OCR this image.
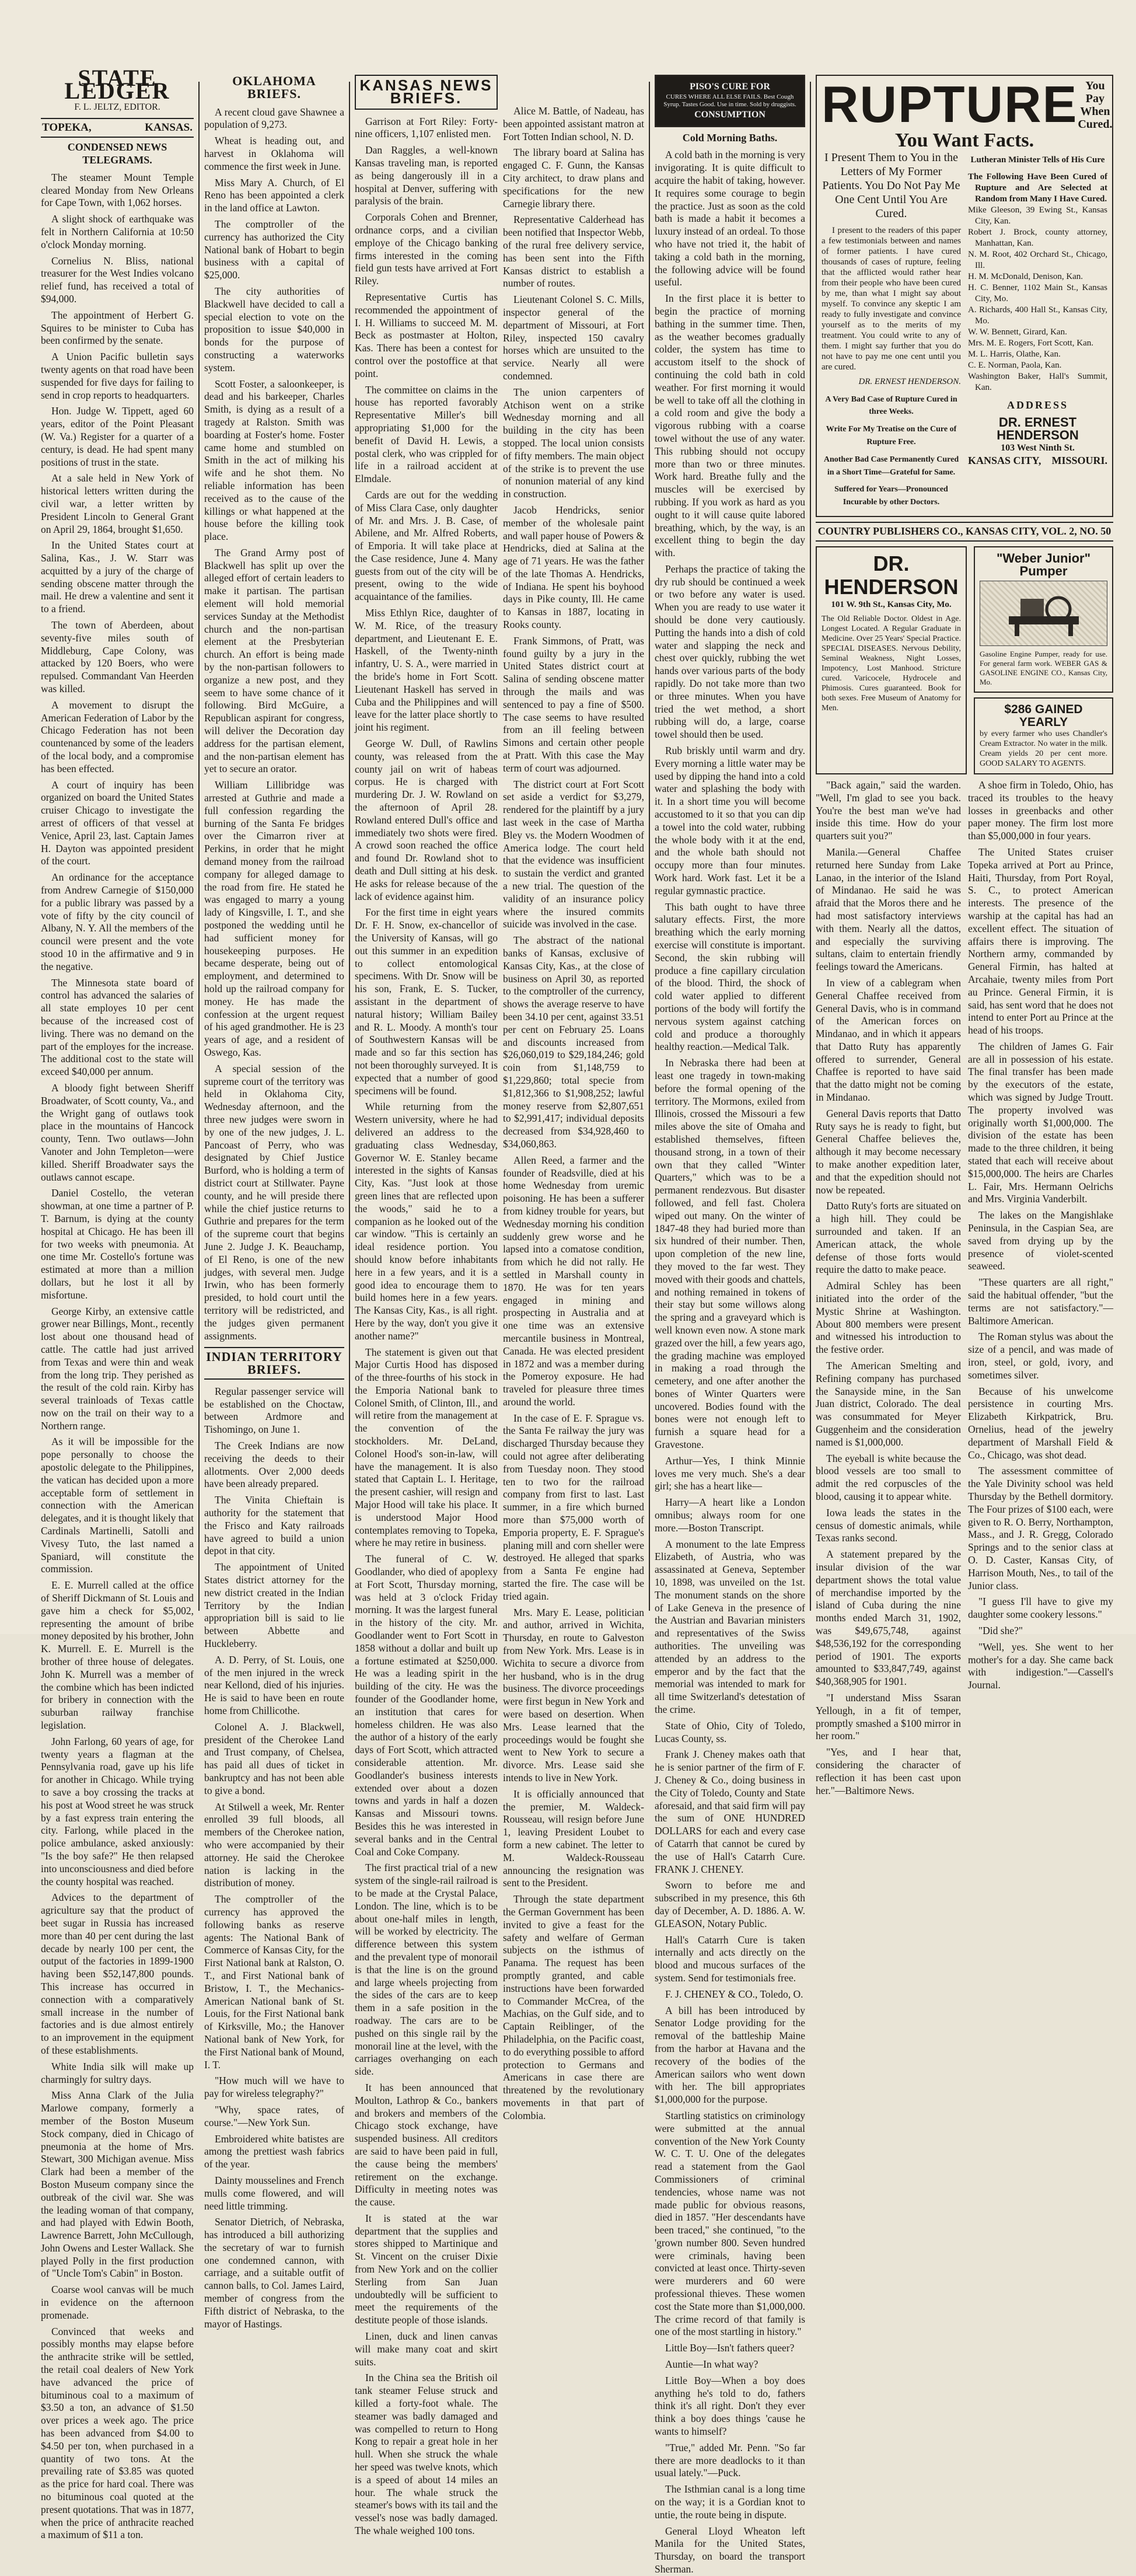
STATE LEDGER
F. L. JELTZ, EDITOR.
TOPEKA,	KANSAS.
CONDENSED NEWS TELEGRAMS.

The steamer Mount Temple cleared Monday from New Orleans for Cape Town, with 1,062 horses.

A slight shock of earthquake was felt in Northern California at 10:50 o'clock Monday morning.

Cornelius N. Bliss, national treasurer for the West Indies volcano relief fund, has received a total of $94,000.

The appointment of Herbert G. Squires to be minister to Cuba has been confirmed by the senate.

A Union Pacific bulletin says twenty agents on that road have been suspended for five days for failing to send in crop reports to headquarters.

Hon. Judge W. Tippett, aged 60 years, editor of the Point Pleasant (W. Va.) Register for a quarter of a century, is dead. He had spent many positions of trust in the state.

At a sale held in New York of historical letters written during the civil war, a letter written by President Lincoln to General Grant on April 29, 1864, brought $1,650.

In the United States court at Salina, Kas., J. W. Starr was acquitted by a jury of the charge of sending obscene matter through the mail. He drew a valentine and sent it to a friend.

The town of Aberdeen, about seventy-five miles south of Middleburg, Cape Colony, was attacked by 120 Boers, who were repulsed. Commandant Van Heerden was killed.

A movement to disrupt the American Federation of Labor by the Chicago Federation has not been countenanced by some of the leaders of the local body, and a compromise has been effected.

A court of inquiry has been organized on board the United States cruiser Chicago to investigate the arrest of officers of that vessel at Venice, April 23, last. Captain James H. Dayton was appointed president of the court.

An ordinance for the acceptance from Andrew Carnegie of $150,000 for a public library was passed by a vote of fifty by the city council of Albany, N. Y. All the members of the council were present and the vote stood 10 in the affirmative and 9 in the negative.

The Minnesota state board of control has advanced the salaries of all state employes 10 per cent because of the increased cost of living. There was no demand on the part of the employes for the increase. The additional cost to the state will exceed $40,000 per annum.

A bloody fight between Sheriff Broadwater, of Scott county, Va., and the Wright gang of outlaws took place in the mountains of Hancock county, Tenn. Two outlaws—John Vanoter and John Templeton—were killed. Sheriff Broadwater says the outlaws cannot escape.

Daniel Costello, the veteran showman, at one time a partner of P. T. Barnum, is dying at the county hospital at Chicago. He has been ill for two weeks with pneumonia. At one time Mr. Costello's fortune was estimated at more than a million dollars, but he lost it all by misfortune.

George Kirby, an extensive cattle grower near Billings, Mont., recently lost about one thousand head of cattle. The cattle had just arrived from Texas and were thin and weak from the long trip. They perished as the result of the cold rain. Kirby has several trainloads of Texas cattle now on the trail on their way to a Northern range.

As it will be impossible for the pope personally to choose the apostolic delegate to the Philippines, the vatican has decided upon a more acceptable form of settlement in connection with the American delegates, and it is thought likely that Cardinals Martinelli, Satolli and Vivesy Tuto, the last named a Spaniard, will constitute the commission.

E. E. Murrell called at the office of Sheriff Dickmann of St. Louis and gave him a check for $5,002, representing the amount of bribe money deposited by his brother, John K. Murrell. E. E. Murrell is the brother of three house of delegates. John K. Murrell was a member of the combine which has been indicted for bribery in connection with the suburban railway franchise legislation.

John Farlong, 60 years of age, for twenty years a flagman at the Pennsylvania road, gave up his life for another in Chicago. While trying to save a boy crossing the tracks at his post at Wood street he was struck by a fast express train entering the city. Farlong, while placed in the police ambulance, asked anxiously: "Is the boy safe?" He then relapsed into unconsciousness and died before the county hospital was reached.

Advices to the department of agriculture say that the product of beet sugar in Russia has increased more than 40 per cent during the last decade by nearly 100 per cent, the output of the factories in 1899-1900 having been $52,147,800 pounds. This increase has occurred in connection with a comparatively small increase in the number of factories and is due almost entirely to an improvement in the equipment of these establishments.

White India silk will make up charmingly for sultry days.

Miss Anna Clark of the Julia Marlowe company, formerly a member of the Boston Museum Stock company, died in Chicago of pneumonia at the home of Mrs. Stewart, 300 Michigan avenue. Miss Clark had been a member of the Boston Museum company since the outbreak of the civil war. She was the leading woman of that company, and had played with Edwin Booth, Lawrence Barrett, John McCullough, John Owens and Lester Wallack. She played Polly in the first production of "Uncle Tom's Cabin" in Boston.

Coarse wool canvas will be much in evidence on the afternoon promenade.

Convinced that weeks and possibly months may elapse before the anthracite strike will be settled, the retail coal dealers of New York have advanced the price of bituminous coal to a maximum of $3.50 a ton, an advance of $1.50 over prices a week ago. The price has been advanced from $4.00 to $4.50 per ton, when purchased in a quantity of two tons. At the prevailing rate of $3.85 was quoted as the price for hard coal. There was no bituminous coal quoted at the present quotations. That was in 1877, when the price of anthracite reached a maximum of $11 a ton.

OKLAHOMA BRIEFS.

A recent cloud gave Shawnee a population of 9,273.

Wheat is heading out, and harvest in Oklahoma will commence the first week in June.

Miss Mary A. Church, of El Reno has been appointed a clerk in the land office at Lawton.

The comptroller of the currency has authorized the City National bank of Hobart to begin business with a capital of $25,000.

The city authorities of Blackwell have decided to call a special election to vote on the proposition to issue $40,000 in bonds for the purpose of constructing a waterworks system.

Scott Foster, a saloonkeeper, is dead and his barkeeper, Charles Smith, is dying as a result of a tragedy at Ralston. Smith was boarding at Foster's home. Foster came home and stumbled on Smith in the act of milking his wife and he shot them. No reliable information has been received as to the cause of the killings or what happened at the house before the killing took place.

The Grand Army post of Blackwell has split up over the alleged effort of certain leaders to make it partisan. The partisan element will hold memorial services Sunday at the Methodist church and the non-partisan element at the Presbyterian church. An effort is being made by the non-partisan followers to organize a new post, and they seem to have some chance of it following. Bird McGuire, a Republican aspirant for congress, will deliver the Decoration day address for the partisan element, and the non-partisan element has yet to secure an orator.

William Lillibridge was arrested at Guthrie and made a full confession regarding the burning of the Santa Fe bridges over the Cimarron river at Perkins, in order that he might demand money from the railroad company for alleged damage to the road from fire. He stated he was engaged to marry a young lady of Kingsville, I. T., and she postponed the wedding until he had sufficient money for housekeeping purposes. He became desperate, being out of employment, and determined to hold up the railroad company for money. He has made the confession at the urgent request of his aged grandmother. He is 23 years of age, and a resident of Oswego, Kas.

A special session of the supreme court of the territory was held in Oklahoma City, Wednesday afternoon, and the three new judges were sworn in by one of the new judges, J. L. Pancoast of Perry, who was designated by Chief Justice Burford, who is holding a term of district court at Stillwater. Payne county, and he will preside there while the chief justice returns to Guthrie and prepares for the term of the supreme court that begins June 2. Judge J. K. Beauchamp, of El Reno, is one of the new judges, with several men. Judge Irwin, who has been formerly presided, to hold court until the territory will be redistricted, and the judges given permanent assignments.

INDIAN TERRITORY BRIEFS.

Regular passenger service will be established on the Choctaw, between Ardmore and Tishomingo, on June 1.

The Creek Indians are now receiving the deeds to their allotments. Over 2,000 deeds have been already prepared.

The Vinita Chieftain is authority for the statement that the Frisco and Katy railroads have agreed to build a union depot in that city.

The appointment of United States district attorney for the new district created in the Indian Territory by the Indian appropriation bill is said to lie between Abbette and Huckleberry.

A. D. Perry, of St. Louis, one of the men injured in the wreck near Kellond, died of his injuries. He is said to have been en route home from Chillicothe.

Colonel A. J. Blackwell, president of the Cherokee Land and Trust company, of Chelsea, has paid all dues of ticket in bankruptcy and has not been able to give a bond.

At Stilwell a week, Mr. Renter enrolled 39 full bloods, all members of the Cherokee nation, who were accompanied by their attorney. He said the Cherokee nation is lacking in the distribution of money.

The comptroller of the currency has approved the following banks as reserve agents: The National Bank of Commerce of Kansas City, for the First National bank at Ralston, O. T., and First National bank of Bristow, I. T., the Mechanics-American National bank of St. Louis, for the First National bank of Kirksville, Mo.; the Hanover National bank of New York, for the First National bank of Mound, I. T.

"How much will we have to pay for wireless telegraphy?"

"Why, space rates, of course."—New York Sun.

Embroidered white batistes are among the prettiest wash fabrics of the year.

Dainty mousselines and French mulls come flowered, and will need little trimming.

Senator Dietrich, of Nebraska, has introduced a bill authorizing the secretary of war to furnish one condemned cannon, with carriage, and a suitable outfit of cannon balls, to Col. James Laird, member of congress from the Fifth district of Nebraska, to the mayor of Hastings.

KANSAS NEWS BRIEFS.

Garrison at Fort Riley: Forty-nine officers, 1,107 enlisted men.

Dan Raggles, a well-known Kansas traveling man, is reported as being dangerously ill in a hospital at Denver, suffering with paralysis of the brain.

Corporals Cohen and Brenner, ordnance corps, and a civilian employe of the Chicago banking firms interested in the coming field gun tests have arrived at Fort Riley.

Representative Curtis has recommended the appointment of I. H. Williams to succeed M. M. Beck as postmaster at Holton, Kas. There has been a contest for control over the postoffice at that point.

The committee on claims in the house has reported favorably Representative Miller's bill appropriating $1,000 for the benefit of David H. Lewis, a postal clerk, who was crippled for life in a railroad accident at Elmdale.

Cards are out for the wedding of Miss Clara Case, only daughter of Mr. and Mrs. J. B. Case, of Abilene, and Mr. Alfred Roberts, of Emporia. It will take place at the Case residence, June 4. Many guests from out of the city will be present, owing to the wide acquaintance of the families.

Miss Ethlyn Rice, daughter of W. M. Rice, of the treasury department, and Lieutenant E. E. Haskell, of the Twenty-ninth infantry, U. S. A., were married in the bride's home in Fort Scott. Lieutenant Haskell has served in Cuba and the Philippines and will leave for the latter place shortly to joint his regiment.

George W. Dull, of Rawlins county, was released from the county jail on writ of habeas corpus. He is charged with murdering Dr. J. W. Rowland on the afternoon of April 28. Rowland entered Dull's office and immediately two shots were fired. A crowd soon reached the office and found Dr. Rowland shot to death and Dull sitting at his desk. He asks for release because of the lack of evidence against him.

For the first time in eight years Dr. F. H. Snow, ex-chancellor of the University of Kansas, will go out this summer in an expedition to collect entomological specimens. With Dr. Snow will be his son, Frank, E. S. Tucker, assistant in the department of natural history; William Bailey and R. L. Moody. A month's tour of Southwestern Kansas will be made and so far this section has not been thoroughly surveyed. It is expected that a number of good specimens will be found.

While returning from the Western university, where he had delivered an address to the graduating class Wednesday, Governor W. E. Stanley became interested in the sights of Kansas City, Kas. "Just look at those green lines that are reflected upon the woods," said he to a companion as he looked out of the car window. "This is certainly an ideal residence portion. You should know before inhabitants here in a few years, and it is a good idea to encourage them to build homes here in a few years. The Kansas City, Kas., is all right. Here by the way, don't you give it another name?"

The statement is given out that Major Curtis Hood has disposed of the three-fourths of his stock in the Emporia National bank to Colonel Smith, of Clinton, Ill., and will retire from the management at the convention of the stockholders. Mr. DeLand, Colonel Hood's son-in-law, will have the management. It is also stated that Captain L. I. Heritage, the present cashier, will resign and Major Hood will take his place. It is understood Major Hood contemplates removing to Topeka, where he may retire in business.

The funeral of C. W. Goodlander, who died of apoplexy at Fort Scott, Thursday morning, was held at 3 o'clock Friday morning. It was the largest funeral in the history of the city. Mr. Goodlander went to Fort Scott in 1858 without a dollar and built up a fortune estimated at $250,000. He was a leading spirit in the building of the city. He was the founder of the Goodlander home, an institution that cares for homeless children. He was also the author of a history of the early days of Fort Scott, which attracted considerable attention. Mr. Goodlander's business interests extended over about a dozen towns and yards in half a dozen Kansas and Missouri towns. Besides this he was interested in several banks and in the Central Coal and Coke Company.

The first practical trial of a new system of the single-rail railroad is to be made at the Crystal Palace, London. The line, which is to be about one-half miles in length, will be worked by electricity. The difference between this system and the prevalent type of monorail is that the line is on the ground and large wheels projecting from the sides of the cars are to keep them in a safe position in the roadway. The cars are to be pushed on this single rail by the monorail line at the level, with the carriages overhanging on each side.

It has been announced that Moulton, Lathrop & Co., bankers and brokers and members of the Chicago stock exchange, have suspended business. All creditors are said to have been paid in full, the cause being the members' retirement on the exchange. Difficulty in meeting notes was the cause.

It is stated at the war department that the supplies and stores shipped to Martinique and St. Vincent on the cruiser Dixie from New York and on the collier Sterling from San Juan undoubtedly will be sufficient to meet the requirements of the destitute people of those islands.

Linen, duck and linen canvas will make many coat and skirt suits.

In the China sea the British oil tank steamer Feluse struck and killed a forty-foot whale. The steamer was badly damaged and was compelled to return to Hong Kong to repair a great hole in her hull. When she struck the whale her speed was twelve knots, which is a speed of about 14 miles an hour. The whale struck the steamer's bows with its tail and the vessel's nose was badly damaged. The whale weighed 100 tons.

Alice M. Battle, of Nadeau, has been appointed assistant matron at Fort Totten Indian school, N. D.

The library board at Salina has engaged C. F. Gunn, the Kansas City architect, to draw plans and specifications for the new Carnegie library there.

Representative Calderhead has been notified that Inspector Webb, of the rural free delivery service, has been sent into the Fifth Kansas district to establish a number of routes.

Lieutenant Colonel S. C. Mills, inspector general of the department of Missouri, at Fort Riley, inspected 150 cavalry horses which are unsuited to the service. Nearly all were condemned.

The union carpenters of Atchison went on a strike Wednesday morning and all building in the city has been stopped. The local union consists of fifty members. The main object of the strike is to prevent the use of nonunion material of any kind in construction.

Jacob Hendricks, senior member of the wholesale paint and wall paper house of Powers & Hendricks, died at Salina at the age of 71 years. He was the father of the late Thomas A. Hendricks, of Indiana. He spent his boyhood days in Pike county, Ill. He came to Kansas in 1887, locating in Rooks county.

Frank Simmons, of Pratt, was found guilty by a jury in the United States district court at Salina of sending obscene matter through the mails and was sentenced to pay a fine of $500. The case seems to have resulted from an ill feeling between Simons and certain other people at Pratt. With this case the May term of court was adjourned.

The district court at Fort Scott set aside a verdict for $3,279, rendered for the plaintiff by a jury last week in the case of Martha Bley vs. the Modern Woodmen of America lodge. The court held that the evidence was insufficient to sustain the verdict and granted a new trial. The question of the validity of an insurance policy where the insured commits suicide was involved in the case.

The abstract of the national banks of Kansas, exclusive of Kansas City, Kas., at the close of business on April 30, as reported to the comptroller of the currency, shows the average reserve to have been 34.10 per cent, against 33.51 per cent on February 25. Loans and discounts increased from $26,060,019 to $29,184,246; gold coin from $1,148,759 to $1,229,860; total specie from $1,812,366 to $1,908,252; lawful money reserve from $2,807,651 to $2,991,417; individual deposits decreased from $34,928,460 to $34,060,863.

Allen Reed, a farmer and the founder of Readsville, died at his home Wednesday from uremic poisoning. He has been a sufferer from kidney trouble for years, but Wednesday morning his condition suddenly grew worse and he lapsed into a comatose condition, from which he did not rally. He settled in Marshall county in 1870. He was for ten years engaged in mining and prospecting in Australia and at one time was an extensive mercantile business in Montreal, Canada. He was elected president in 1872 and was a member during the Pomeroy exposure. He had traveled for pleasure three times around the world.

In the case of E. F. Sprague vs. the Santa Fe railway the jury was discharged Thursday because they could not agree after deliberating from Tuesday noon. They stood ten to two for the railroad company from first to last. Last summer, in a fire which burned more than $75,000 worth of Emporia property, E. F. Sprague's planing mill and corn sheller were destroyed. He alleged that sparks from a Santa Fe engine had started the fire. The case will be tried again.

Mrs. Mary E. Lease, politician and author, arrived in Wichita, Thursday, en route to Galveston from New York. Mrs. Lease is in Wichita to secure a divorce from her husband, who is in the drug business. The divorce proceedings were first begun in New York and were based on desertion. When Mrs. Lease learned that the proceedings would be fought she went to New York to secure a divorce. Mrs. Lease said she intends to live in New York.

It is officially announced that the premier, M. Waldeck-Rousseau, will resign before June 1, leaving President Loubet to form a new cabinet. The letter to M. Waldeck-Rousseau announcing the resignation was sent to the President.

Through the state department the German Government has been invited to give a feast for the safety and welfare of German subjects on the isthmus of Panama. The request has been promptly granted, and cable instructions have been forwarded to Commander McCrea, of the Machias, on the Gulf side, and to Captain Reiblinger, of the Philadelphia, on the Pacific coast, to do everything possible to afford protection to Germans and Americans in case there are threatened by the revolutionary movements in that part of Colombia.

PISO'S CURE FOR
CURES WHERE ALL ELSE FAILS. Best Cough Syrup. Tastes Good. Use in time. Sold by druggists.
CONSUMPTION
Cold Morning Baths.

A cold bath in the morning is very invigorating. It is quite difficult to acquire the habit of taking, however. It requires some courage to begin the practice. Just as soon as the cold bath is made a habit it becomes a luxury instead of an ordeal. To those who have not tried it, the habit of taking a cold bath in the morning, the following advice will be found useful.

In the first place it is better to begin the practice of morning bathing in the summer time. Then, as the weather becomes gradually colder, the system has time to accustom itself to the shock of continuing the cold bath in cold weather. For first morning it would be well to take off all the clothing in a cold room and give the body a vigorous rubbing with a coarse towel without the use of any water. This rubbing should not occupy more than two or three minutes. Work hard. Breathe fully and the muscles will be exercised by rubbing. If you work as hard as you ought to it will cause quite labored breathing, which, by the way, is an excellent thing to begin the day with.

Perhaps the practice of taking the dry rub should be continued a week or two before any water is used. When you are ready to use water it should be done very cautiously. Putting the hands into a dish of cold water and slapping the neck and chest over quickly, rubbing the wet hands over various parts of the body rapidly. Do not take more than two or three minutes. When you have tried the wet method, a short rubbing will do, a large, coarse towel should then be used.

Rub briskly until warm and dry. Every morning a little water may be used by dipping the hand into a cold water and splashing the body with it. In a short time you will become accustomed to it so that you can dip a towel into the cold water, rubbing the whole body with it at the end, and the whole bath should not occupy more than four minutes. Work hard. Work fast. Let it be a regular gymnastic practice.

This bath ought to have three salutary effects. First, the more breathing which the early morning exercise will constitute is important. Second, the skin rubbing will produce a fine capillary circulation of the blood. Third, the shock of cold water applied to different portions of the body will fortify the nervous system against catching cold and produce a thoroughly healthy reaction.—Medical Talk.

In Nebraska there had been at least one tragedy in town-making before the formal opening of the territory. The Mormons, exiled from Illinois, crossed the Missouri a few miles above the site of Omaha and established themselves, fifteen thousand strong, in a town of their own that they called "Winter Quarters," which was to be a permanent rendezvous. But disaster followed, and fell fast. Cholera wiped out many. On the winter of 1847-48 they had buried more than six hundred of their number. Then, upon completion of the new line, they moved to the far west. They moved with their goods and chattels, and nothing remained in tokens of their stay but some willows along the spring and a graveyard which is well known even now. A stone mark grazed over the hill, a few years ago, the grading machine was employed in making a road through the cemetery, and one after another the bones of Winter Quarters were uncovered. Bodies found with the bones were not enough left to furnish a square head for a Gravestone.

Arthur—Yes, I think Minnie loves me very much. She's a dear girl; she has a heart like—

Harry—A heart like a London omnibus; always room for one more.—Boston Transcript.

A monument to the late Empress Elizabeth, of Austria, who was assassinated at Geneva, September 10, 1898, was unveiled on the 1st. The monument stands on the shore of Lake Geneva in the presence of the Austrian and Bavarian ministers and representatives of the Swiss authorities. The unveiling was attended by an address to the emperor and by the fact that the memorial was intended to mark for all time Switzerland's detestation of the crime.

State of Ohio, City of Toledo, Lucas County, ss.

Frank J. Cheney makes oath that he is senior partner of the firm of F. J. Cheney & Co., doing business in the City of Toledo, County and State aforesaid, and that said firm will pay the sum of ONE HUNDRED DOLLARS for each and every case of Catarrh that cannot be cured by the use of Hall's Catarrh Cure. FRANK J. CHENEY.

Sworn to before me and subscribed in my presence, this 6th day of December, A. D. 1886. A. W. GLEASON, Notary Public.

Hall's Catarrh Cure is taken internally and acts directly on the blood and mucous surfaces of the system. Send for testimonials free.

F. J. CHENEY & CO., Toledo, O.

A bill has been introduced by Senator Lodge providing for the removal of the battleship Maine from the harbor at Havana and the recovery of the bodies of the American sailors who went down with her. The bill appropriates $1,000,000 for the purpose.

Startling statistics on criminology were submitted at the annual convention of the New York County W. C. T. U. One of the delegates read a statement from the Gaol Commissioners of criminal tendencies, whose name was not made public for obvious reasons, died in 1857. "Her descendants have been traced," she continued, "to the 'grown number 800. Seven hundred were criminals, having been convicted at least once. Thirty-seven were murderers and 60 were professional thieves. These women cost the State more than $1,000,000. The crime record of that family is one of the most startling in history."

Little Boy—Isn't fathers queer?

Auntie—In what way?

Little Boy—When a boy does anything he's told to do, fathers think it's all right. Don't they ever think a boy does things 'cause he wants to himself?

"True," added Mr. Penn. "So far there are more deadlocks to it than usual lately."—Puck.

The Isthmian canal is a long time on the way; it is a Gordian knot to untie, the route being in dispute.

General Lloyd Wheaton left Manila for the United States, Thursday, on board the transport Sherman.

RUPTURE You Pay When Cured.
You Want Facts.
I Present Them to You in the Letters of My Former Patients. You Do Not Pay Me One Cent Until You Are Cured.

I present to the readers of this paper a few testimonials between and names of former patients. I have cured thousands of cases of rupture, feeling that the afflicted would rather hear from their people who have been cured by me, than what I might say about myself. To convince any skeptic I am ready to fully investigate and convince yourself as to the merits of my treatment. You could write to any of them. I might say further that you do not have to pay me one cent until you are cured.

DR. ERNEST HENDERSON.
A Very Bad Case of Rupture Cured in three Weeks.
Write For My Treatise on the Cure of Rupture Free.
Another Bad Case Permanently Cured in a Short Time—Grateful for Same.
Suffered for Years—Pronounced Incurable by other Doctors.
Lutheran Minister Tells of His Cure
The Following Have Been Cured of Rupture and Are Selected at Random from Many I Have Cured.
Mike Gleeson, 39 Ewing St., Kansas City, Kan.
Robert J. Brock, county attorney, Manhattan, Kan.
N. M. Root, 402 Orchard St., Chicago, Ill.
H. M. McDonald, Denison, Kan.
H. C. Benner, 1102 Main St., Kansas City, Mo.
A. Richards, 400 Hall St., Kansas City, Mo.
W. W. Bennett, Girard, Kan.
Mrs. M. E. Rogers, Fort Scott, Kan.
M. L. Harris, Olathe, Kan.
C. E. Norman, Paola, Kan.
Washington Baker, Hall's Summit, Kan.
ADDRESS
DR. ERNEST HENDERSON
103 West Ninth St.
KANSAS CITY, MISSOURI.
COUNTRY PUBLISHERS CO., KANSAS CITY, VOL. 2, NO. 50
DR. HENDERSON
101 W. 9th St., Kansas City, Mo.
The Old Reliable Doctor. Oldest in Age. Longest Located. A Regular Graduate in Medicine. Over 25 Years' Special Practice. SPECIAL DISEASES. Nervous Debility, Seminal Weakness, Night Losses, Impotency, Lost Manhood. Stricture cured. Varicocele, Hydrocele and Phimosis. Cures guaranteed. Book for both sexes. Free Museum of Anatomy for Men.
"Weber Junior" Pumper
Gasoline Engine Pumper, ready for use. For general farm work. WEBER GAS & GASOLINE ENGINE CO., Kansas City, Mo.
$286 GAINED YEARLY
by every farmer who uses Chandler's Cream Extractor. No water in the milk. Cream yields 20 per cent more. GOOD SALARY TO AGENTS.

"Back again," said the warden. "Well, I'm glad to see you back. You're the best man we've had inside this time. How do your quarters suit you?"

Manila.—General Chaffee returned here Sunday from Lake Lanao, in the interior of the Island of Mindanao. He said he was afraid that the Moros there and he had most satisfactory interviews with them. Nearly all the dattos, and especially the surviving sultans, claim to entertain friendly feelings toward the Americans.

In view of a cablegram when General Chaffee received from General Davis, who is in command of the American forces on Mindanao, and in which it appears that Datto Ruty has apparently offered to surrender, General Chaffee is reported to have said that the datto might not be coming in Mindanao.

General Davis reports that Datto Ruty says he is ready to fight, but General Chaffee believes the, although it may become necessary to make another expedition later, and that the expedition should not now be repeated.

Datto Ruty's forts are situated on a high hill. They could be surrounded and taken. If an American attack, the whole defense of those forts would require the datto to make peace.

Admiral Schley has been initiated into the order of the Mystic Shrine at Washington. About 800 members were present and witnessed his introduction to the festive order.

The American Smelting and Refining company has purchased the Sanayside mine, in the San Juan district, Colorado. The deal was consummated for Meyer Guggenheim and the consideration named is $1,000,000.

The eyeball is white because the blood vessels are too small to admit the red corpuscles of the blood, causing it to appear white.

Iowa leads the states in the census of domestic animals, while Texas ranks second.

A statement prepared by the insular division of the war department shows the total value of merchandise imported by the island of Cuba during the nine months ended March 31, 1902, was $49,675,748, against $48,536,192 for the corresponding period of 1901. The exports amounted to $33,847,749, against $40,368,905 for 1901.

"I understand Miss Ssaran Yellough, in a fit of temper, promptly smashed a $100 mirror in her room."

"Yes, and I hear that, considering the character of reflection it has been cast upon her."—Baltimore News.

A shoe firm in Toledo, Ohio, has traced its troubles to the heavy losses in greenbacks and other paper money. The firm lost more than $5,000,000 in four years.

The United States cruiser Topeka arrived at Port au Prince, Haiti, Thursday, from Port Royal, S. C., to protect American interests. The presence of the warship at the capital has had an excellent effect. The situation of affairs there is improving. The Northern army, commanded by General Firmin, has halted at Arcahaie, twenty miles from Port au Prince. General Firmin, it is said, has sent word that he does not intend to enter Port au Prince at the head of his troops.

The children of James G. Fair are all in possession of his estate. The final transfer has been made by the executors of the estate, which was signed by Judge Troutt. The property involved was originally worth $1,000,000. The division of the estate has been made to the three children, it being stated that each will receive about $15,000,000. The heirs are Charles L. Fair, Mrs. Hermann Oelrichs and Mrs. Virginia Vanderbilt.

The lakes on the Mangishlake Peninsula, in the Caspian Sea, are saved from drying up by the presence of violet-scented seaweed.

"These quarters are all right," said the habitual offender, "but the terms are not satisfactory."—Baltimore American.

The Roman stylus was about the size of a pencil, and was made of iron, steel, or gold, ivory, and sometimes silver.

Because of his unwelcome persistence in courting Mrs. Elizabeth Kirkpatrick, Bru. Ornelius, head of the jewelry department of Marshall Field & Co., Chicago, was shot dead.

The assessment committee of the Yale Divinity school was held Thursday by the Bethell dormitory. The Four prizes of $100 each, were given to R. O. Berry, Northampton, Mass., and J. R. Gregg, Colorado Springs and to the senior class at O. D. Caster, Kansas City, of Harrison Mouth, Nes., to tail of the Junior class.

"I guess I'll have to give my daughter some cookery lessons."

"Did she?"

"Well, yes. She went to her mother's for a day. She came back with indigestion."—Cassell's Journal.
